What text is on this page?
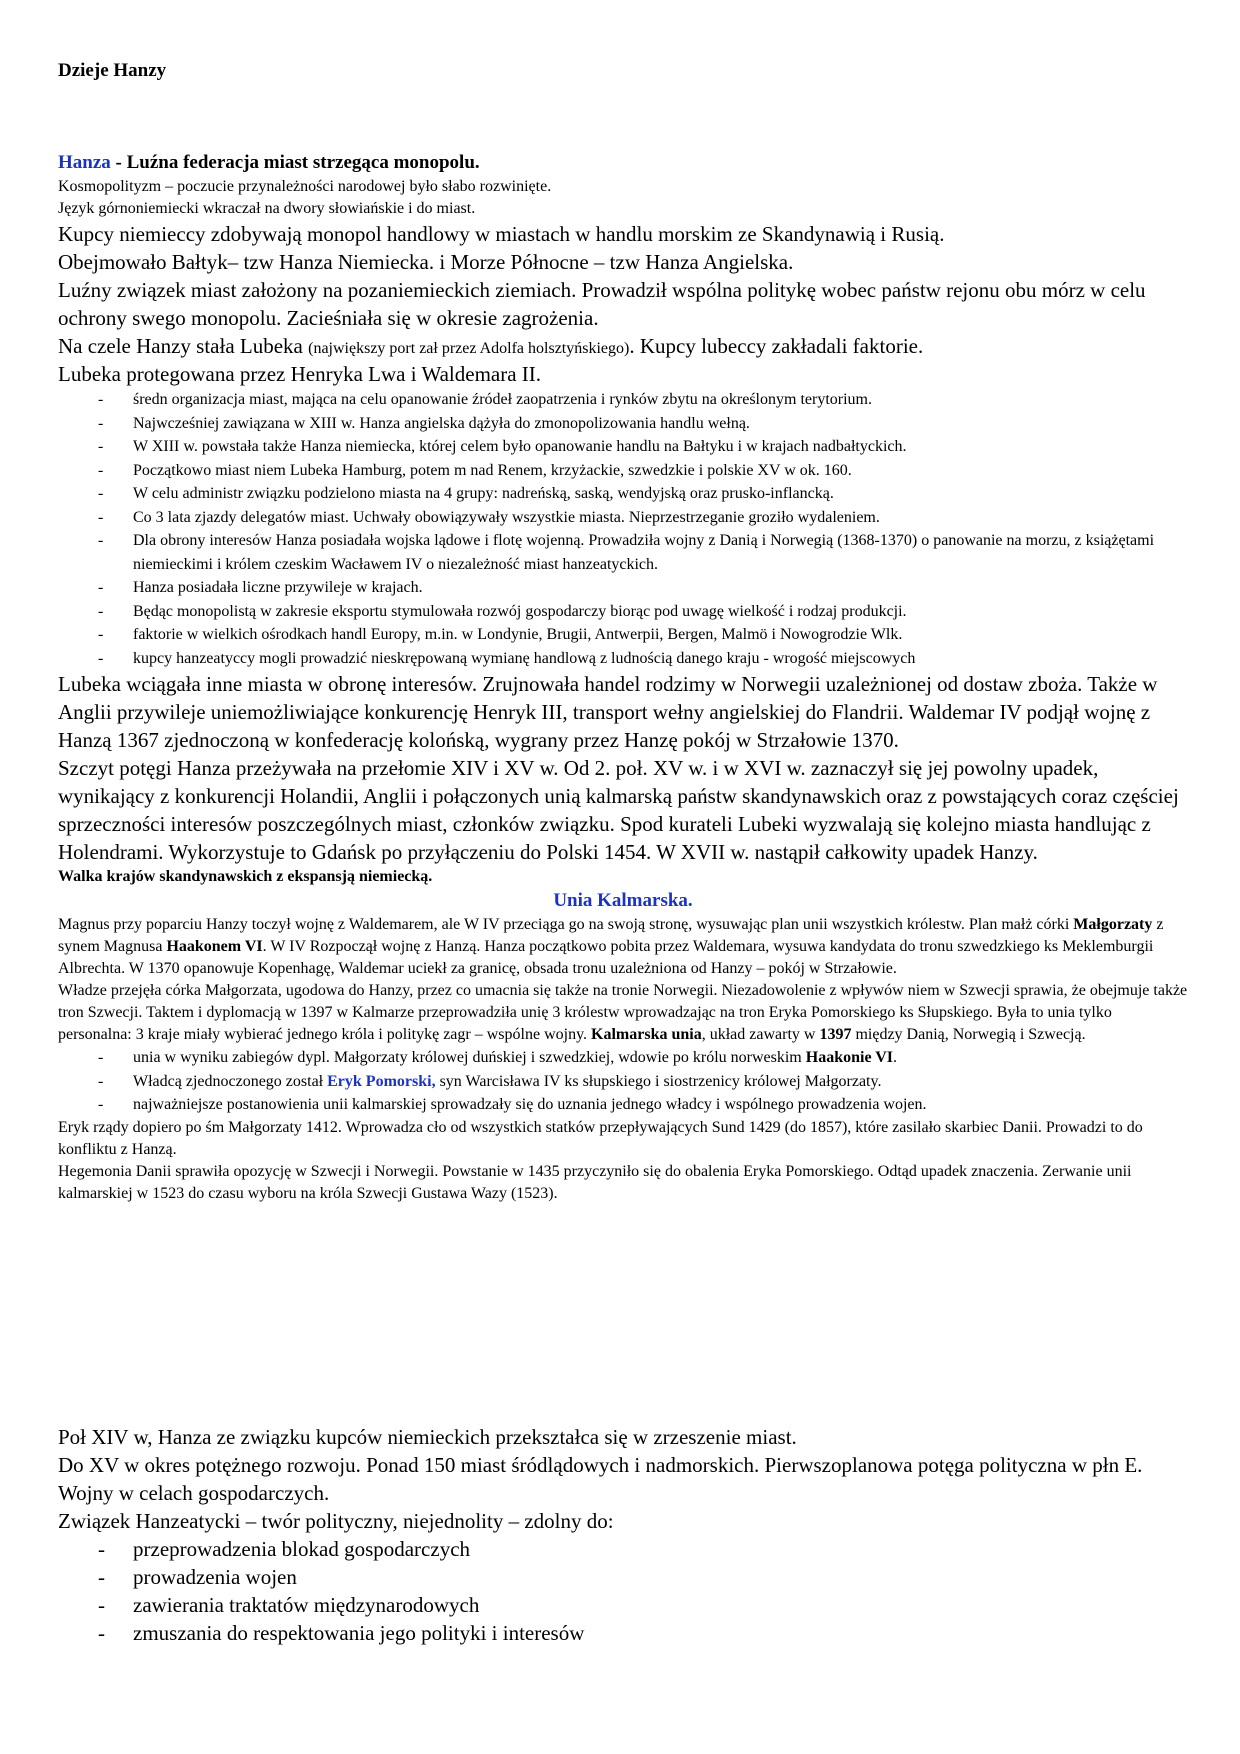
Dzieje Hanzy

Hanza - Luźna federacja miast strzegąca monopolu.

Kosmopolityzm – poczucie przynależności narodowej było słabo rozwinięte.

Język górnoniemiecki wkraczał na dwory słowiańskie i do miast.

Kupcy niemieccy zdobywają monopol handlowy w miastach w handlu morskim ze Skandynawią i Rusią.

Obejmowało Bałtyk– tzw Hanza Niemiecka. i Morze Północne – tzw Hanza Angielska.

Luźny związek miast założony na pozaniemieckich ziemiach. Prowadził wspólna politykę wobec państw rejonu obu mórz w celu ochrony swego monopolu. Zacieśniała się w okresie zagrożenia.

Na czele Hanzy stała Lubeka (największy port zał przez Adolfa holsztyńskiego). Kupcy lubeccy zakładali faktorie.

Lubeka protegowana przez Henryka Lwa i Waldemara II.

- średn organizacja miast, mająca na celu opanowanie źródeł zaopatrzenia i rynków zbytu na określonym terytorium.
- Najwcześniej zawiązana w XIII w. Hanza angielska dążyła do zmonopolizowania handlu wełną.
- W XIII w. powstała także Hanza niemiecka, której celem było opanowanie handlu na Bałtyku i w krajach nadbałtyckich.
- Początkowo miast niem Lubeka Hamburg, potem m nad Renem, krzyżackie, szwedzkie i polskie XV w ok. 160.
- W celu administr związku podzielono miasta na 4 grupy: nadreńską, saską, wendyjską oraz prusko-inflancką.
- Co 3 lata zjazdy delegatów miast. Uchwały obowiązywały wszystkie miasta. Nieprzestrzeganie groziło wydaleniem.
- Dla obrony interesów Hanza posiadała wojska lądowe i flotę wojenną. Prowadziła wojny z Danią i Norwegią (1368-1370) o panowanie na morzu, z książętami niemieckimi i królem czeskim Wacławem IV o niezależność miast hanzeatyckich.
- Hanza posiadała liczne przywileje w krajach.
- Będąc monopolistą w zakresie eksportu stymulowała rozwój gospodarczy biorąc pod uwagę wielkość i rodzaj produkcji.
- faktorie w wielkich ośrodkach handl Europy, m.in. w Londynie, Brugii, Antwerpii, Bergen, Malmö i Nowogrodzie Wlk.
- kupcy hanzeatyccy mogli prowadzić nieskrępowaną wymianę handlową z ludnością danego kraju - wrogość miejscowych

Lubeka wciągała inne miasta w obronę interesów. Zrujnowała handel rodzimy w Norwegii uzależnionej od dostaw zboża. Także w Anglii przywileje uniemożliwiające konkurencję Henryk III, transport wełny angielskiej do Flandrii. Waldemar IV podjął wojnę z Hanzą 1367 zjednoczoną w konfederację kolońską, wygrany przez Hanzę pokój w Strzałowie 1370.

Szczyt potęgi Hanza przeżywała na przełomie XIV i XV w. Od 2. poł. XV w. i w XVI w. zaznaczył się jej powolny upadek, wynikający z konkurencji Holandii, Anglii i połączonych unią kalmarską państw skandynawskich oraz z powstających coraz częściej sprzeczności interesów poszczególnych miast, członków związku. Spod kurateli Lubeki wyzwalają się kolejno miasta handlując z Holendrami. Wykorzystuje to Gdańsk po przyłączeniu do Polski 1454. W XVII w. nastąpił całkowity upadek Hanzy.

Walka krajów skandynawskich z ekspansją niemiecką.

Unia Kalmarska.

Magnus przy poparciu Hanzy toczył wojnę z Waldemarem, ale W IV przeciąga go na swoją stronę, wysuwając plan unii wszystkich królestw. Plan małż córki Małgorzaty z synem Magnusa Haakonem VI. W IV Rozpoczął wojnę z Hanzą. Hanza początkowo pobita przez Waldemara, wysuwa kandydata do tronu szwedzkiego ks Meklemburgii Albrechta. W 1370 opanowuje Kopenhagę, Waldemar uciekł za granicę, obsada tronu uzależniona od Hanzy – pokój w Strzałowie.

Władze przejęła córka Małgorzata, ugodowa do Hanzy, przez co umacnia się także na tronie Norwegii. Niezadowolenie z wpływów niem w Szwecji sprawia, że obejmuje także tron Szwecji. Taktem i dyplomacją w 1397 w Kalmarze przeprowadziła unię 3 królestw wprowadzając na tron Eryka Pomorskiego ks Słupskiego. Była to unia tylko personalna: 3 kraje miały wybierać jednego króla i politykę zagr – wspólne wojny. Kalmarska unia, układ zawarty w 1397 między Danią, Norwegią i Szwecją.

- unia w wyniku zabiegów dypl. Małgorzaty królowej duńskiej i szwedzkiej, wdowie po królu norweskim Haakonie VI.
- Władcą zjednoczonego został Eryk Pomorski, syn Warcisława IV ks słupskiego i siostrzenicy królowej Małgorzaty.
- najważniejsze postanowienia unii kalmarskiej sprowadzały się do uznania jednego władcy i wspólnego prowadzenia wojen.

Eryk rządy dopiero po śm Małgorzaty 1412. Wprowadza cło od wszystkich statków przepływających Sund 1429 (do 1857), które zasilało skarbiec Danii. Prowadzi to do konfliktu z Hanzą.

Hegemonia Danii sprawiła opozycję w Szwecji i Norwegii. Powstanie w 1435 przyczyniło się do obalenia Eryka Pomorskiego. Odtąd upadek znaczenia. Zerwanie unii kalmarskiej w 1523 do czasu wyboru na króla Szwecji Gustawa Wazy (1523).

Poł XIV w, Hanza ze związku kupców niemieckich przekształca się w zrzeszenie miast.

Do XV w okres potężnego rozwoju. Ponad 150 miast śródlądowych i nadmorskich. Pierwszoplanowa potęga polityczna w płn E.

Wojny w celach gospodarczych.

Związek Hanzeatycki – twór polityczny, niejednolity – zdolny do:

- przeprowadzenia blokad gospodarczych
- prowadzenia wojen
- zawierania traktatów międzynarodowych
- zmuszania do respektowania jego polityki i interesów
